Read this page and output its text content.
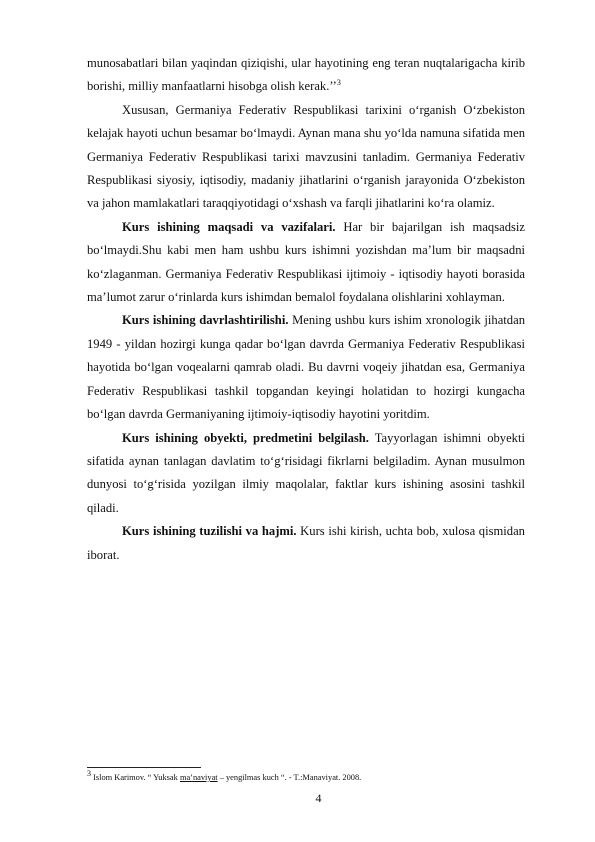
munosabatlari bilan yaqindan qiziqishi, ular hayotining eng teran nuqtalarigacha kirib borishi, milliy manfaatlarni hisobga olish kerak.’’$^3$

Xususan, Germaniya Federativ Respublikasi tarixini o‘rganish O‘zbekiston kelajak hayoti uchun besamar bo‘lmaydi. Aynan mana shu yo‘lda namuna sifatida men Germaniya Federativ Respublikasi tarixi mavzusini tanladim. Germaniya Federativ Respublikasi siyosiy, iqtisodiy, madaniy jihatlarini o‘rganish jarayonida O‘zbekiston va jahon mamlakatlari taraqqiyotidagi o‘xshash va farqli jihatlarini ko‘ra olamiz.

Kurs ishining maqsadi va vazifalari. Har bir bajarilgan ish maqsadsiz bo‘lmaydi.Shu kabi men ham ushbu kurs ishimni yozishdan ma’lum bir maqsadni ko‘zlaganman. Germaniya Federativ Respublikasi ijtimoiy - iqtisodiy hayoti borasida ma’lumot zarur o‘rinlarda kurs ishimdan bemalol foydalana olishlarini xohlayman.

Kurs ishining davrlashtirilishi. Mening ushbu kurs ishim xronologik jihatdan 1949 - yildan hozirgi kunga qadar bo‘lgan davrda Germaniya Federativ Respublikasi hayotida bo‘lgan voqealarni qamrab oladi. Bu davrni voqeiy jihatdan esa, Germaniya Federativ Respublikasi tashkil topgandan keyingi holatidan to hozirgi kungacha bo‘lgan davrda Germaniyaning ijtimoiy-iqtisodiy hayotini yoritdim.

Kurs ishining obyekti, predmetini belgilash. Tayyorlagan ishimni obyekti sifatida aynan tanlagan davlatim to‘g‘risidagi fikrlarni belgiladim. Aynan musulmon dunyosi to‘g‘risida yozilgan ilmiy maqolalar, faktlar kurs ishining asosini tashkil qiladi.

Kurs ishining tuzilishi va hajmi. Kurs ishi kirish, uchta bob, xulosa qismidan iborat.

$^3$ Islom Karimov. “ Yuksak ma’naviyat – yengilmas kuch “. - T.:Manaviyat. 2008.
4
